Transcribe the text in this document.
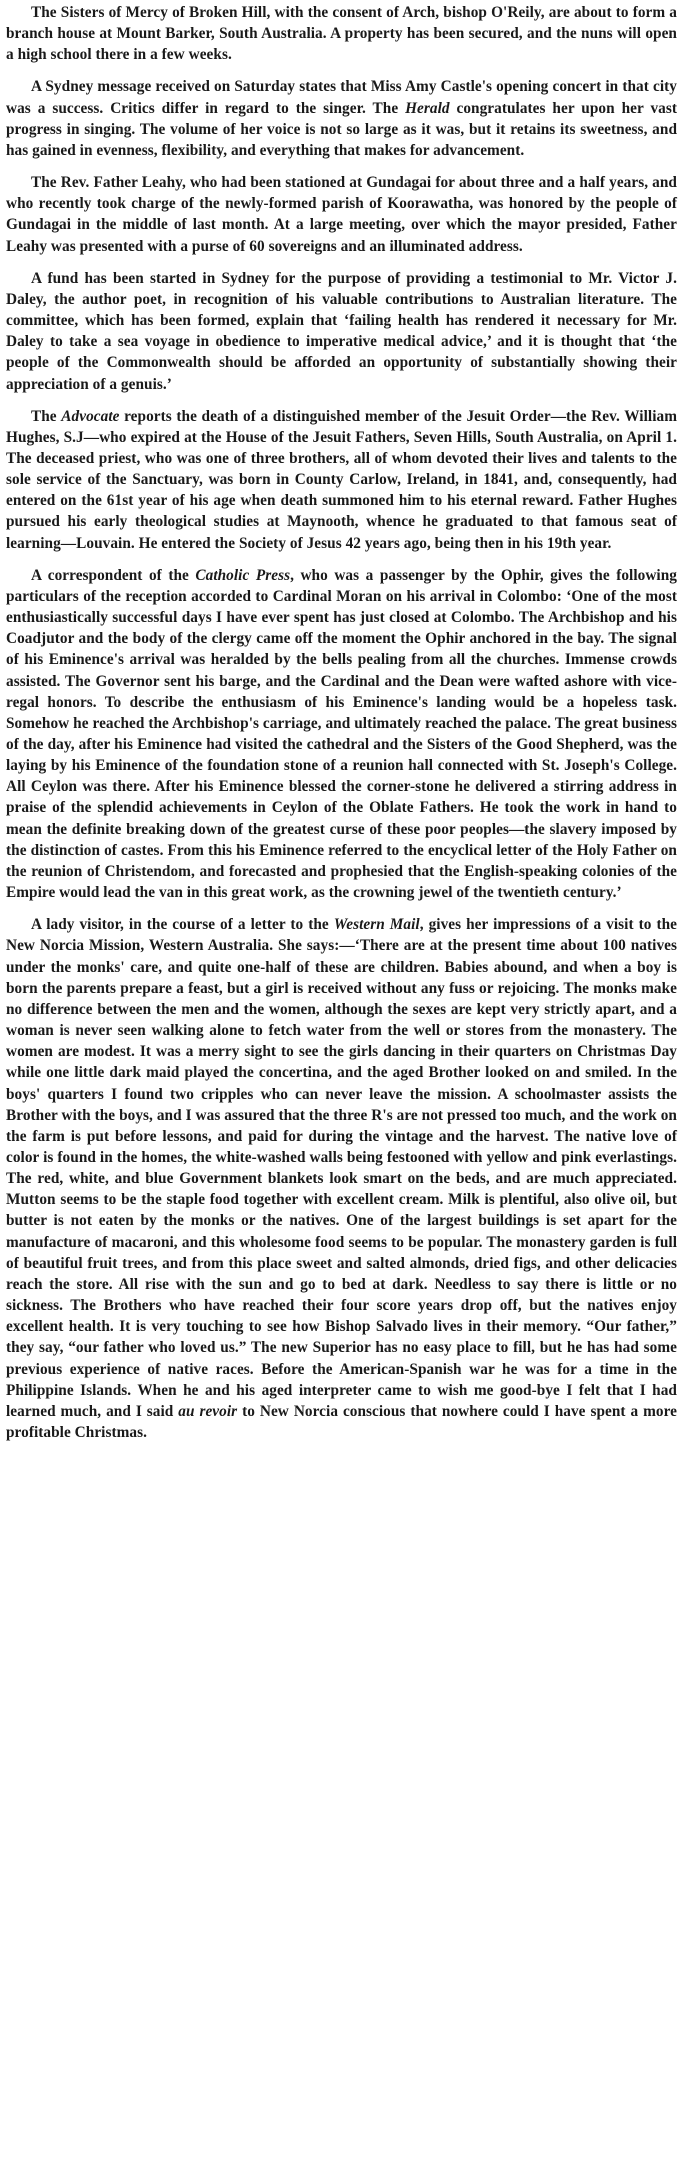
The Sisters of Mercy of Broken Hill, with the consent of Arch, bishop O'Reily, are about to form a branch house at Mount Barker, South Australia. A property has been secured, and the nuns will open a high school there in a few weeks.

A Sydney message received on Saturday states that Miss Amy Castle's opening concert in that city was a success. Critics differ in regard to the singer. The Herald congratulates her upon her vast progress in singing. The volume of her voice is not so large as it was, but it retains its sweetness, and has gained in evenness, flexibility, and everything that makes for advancement.

The Rev. Father Leahy, who had been stationed at Gundagai for about three and a half years, and who recently took charge of the newly-formed parish of Koorawatha, was honored by the people of Gundagai in the middle of last month. At a large meeting, over which the mayor presided, Father Leahy was presented with a purse of 60 sovereigns and an illuminated address.

A fund has been started in Sydney for the purpose of providing a testimonial to Mr. Victor J. Daley, the author poet, in recognition of his valuable contributions to Australian literature. The committee, which has been formed, explain that ‘failing health has rendered it necessary for Mr. Daley to take a sea voyage in obedience to imperative medical advice,’ and it is thought that ‘the people of the Commonwealth should be afforded an opportunity of substantially showing their appreciation of a genuis.’

The Advocate reports the death of a distinguished member of the Jesuit Order—the Rev. William Hughes, S.J—who expired at the House of the Jesuit Fathers, Seven Hills, South Australia, on April 1. The deceased priest, who was one of three brothers, all of whom devoted their lives and talents to the sole service of the Sanctuary, was born in County Carlow, Ireland, in 1841, and, consequently, had entered on the 61st year of his age when death summoned him to his eternal reward. Father Hughes pursued his early theological studies at Maynooth, whence he graduated to that famous seat of learning—Louvain. He entered the Society of Jesus 42 years ago, being then in his 19th year.

A correspondent of the Catholic Press, who was a passenger by the Ophir, gives the following particulars of the reception accorded to Cardinal Moran on his arrival in Colombo: ‘One of the most enthusiastically successful days I have ever spent has just closed at Colombo. The Archbishop and his Coadjutor and the body of the clergy came off the moment the Ophir anchored in the bay. The signal of his Eminence's arrival was heralded by the bells pealing from all the churches. Immense crowds assisted. The Governor sent his barge, and the Cardinal and the Dean were wafted ashore with vice-regal honors. To describe the enthusiasm of his Eminence's landing would be a hopeless task. Somehow he reached the Archbishop's carriage, and ultimately reached the palace. The great business of the day, after his Eminence had visited the cathedral and the Sisters of the Good Shepherd, was the laying by his Eminence of the foundation stone of a reunion hall connected with St. Joseph's College. All Ceylon was there. After his Eminence blessed the corner-stone he delivered a stirring address in praise of the splendid achievements in Ceylon of the Oblate Fathers. He took the work in hand to mean the definite breaking down of the greatest curse of these poor peoples—the slavery imposed by the distinction of castes. From this his Eminence referred to the encyclical letter of the Holy Father on the reunion of Christendom, and forecasted and prophesied that the English-speaking colonies of the Empire would lead the van in this great work, as the crowning jewel of the twentieth century.’

A lady visitor, in the course of a letter to the Western Mail, gives her impressions of a visit to the New Norcia Mission, Western Australia. She says:—‘There are at the present time about 100 natives under the monks' care, and quite one-half of these are children. Babies abound, and when a boy is born the parents prepare a feast, but a girl is received without any fuss or rejoicing. The monks make no difference between the men and the women, although the sexes are kept very strictly apart, and a woman is never seen walking alone to fetch water from the well or stores from the monastery. The women are modest. It was a merry sight to see the girls dancing in their quarters on Christmas Day while one little dark maid played the concertina, and the aged Brother looked on and smiled. In the boys' quarters I found two cripples who can never leave the mission. A schoolmaster assists the Brother with the boys, and I was assured that the three R's are not pressed too much, and the work on the farm is put before lessons, and paid for during the vintage and the harvest. The native love of color is found in the homes, the white-washed walls being festooned with yellow and pink everlastings. The red, white, and blue Government blankets look smart on the beds, and are much appreciated. Mutton seems to be the staple food together with excellent cream. Milk is plentiful, also olive oil, but butter is not eaten by the monks or the natives. One of the largest buildings is set apart for the manufacture of macaroni, and this wholesome food seems to be popular. The monastery garden is full of beautiful fruit trees, and from this place sweet and salted almonds, dried figs, and other delicacies reach the store. All rise with the sun and go to bed at dark. Needless to say there is little or no sickness. The Brothers who have reached their four score years drop off, but the natives enjoy excellent health. It is very touching to see how Bishop Salvado lives in their memory. “Our father,” they say, “our father who loved us.” The new Superior has no easy place to fill, but he has had some previous experience of native races. Before the American-Spanish war he was for a time in the Philippine Islands. When he and his aged interpreter came to wish me good-bye I felt that I had learned much, and I said au revoir to New Norcia conscious that nowhere could I have spent a more profitable Christmas.
